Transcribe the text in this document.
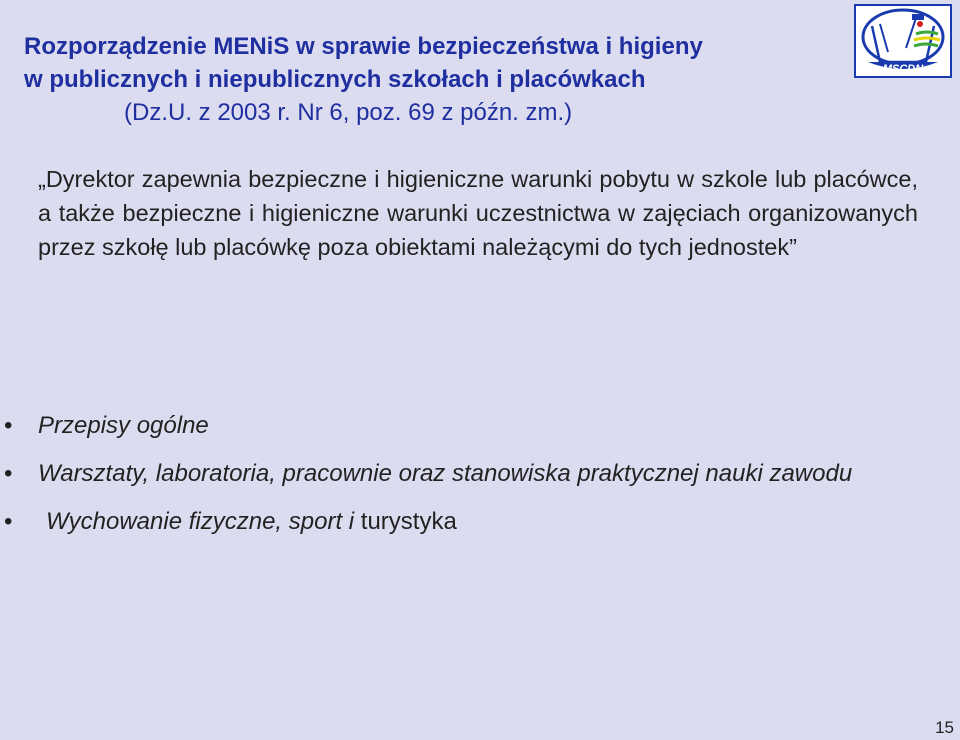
Rozporządzenie MENiS w sprawie bezpieczeństwa i higieny
w publicznych i niepublicznych szkołach i placówkach
(Dz.U. z 2003 r. Nr 6, poz. 69 z późn. zm.)
MSCDN
„Dyrektor zapewnia bezpieczne i higieniczne warunki pobytu w szkole lub placówce, a także bezpieczne i higieniczne warunki uczestnictwa w zajęciach organizowanych przez szkołę lub placówkę poza obiektami należącymi do tych jednostek”
• Przepisy ogólne
• Warsztaty, laboratoria, pracownie oraz stanowiska praktycznej nauki zawodu
• Wychowanie fizyczne, sport i turystyka
15
